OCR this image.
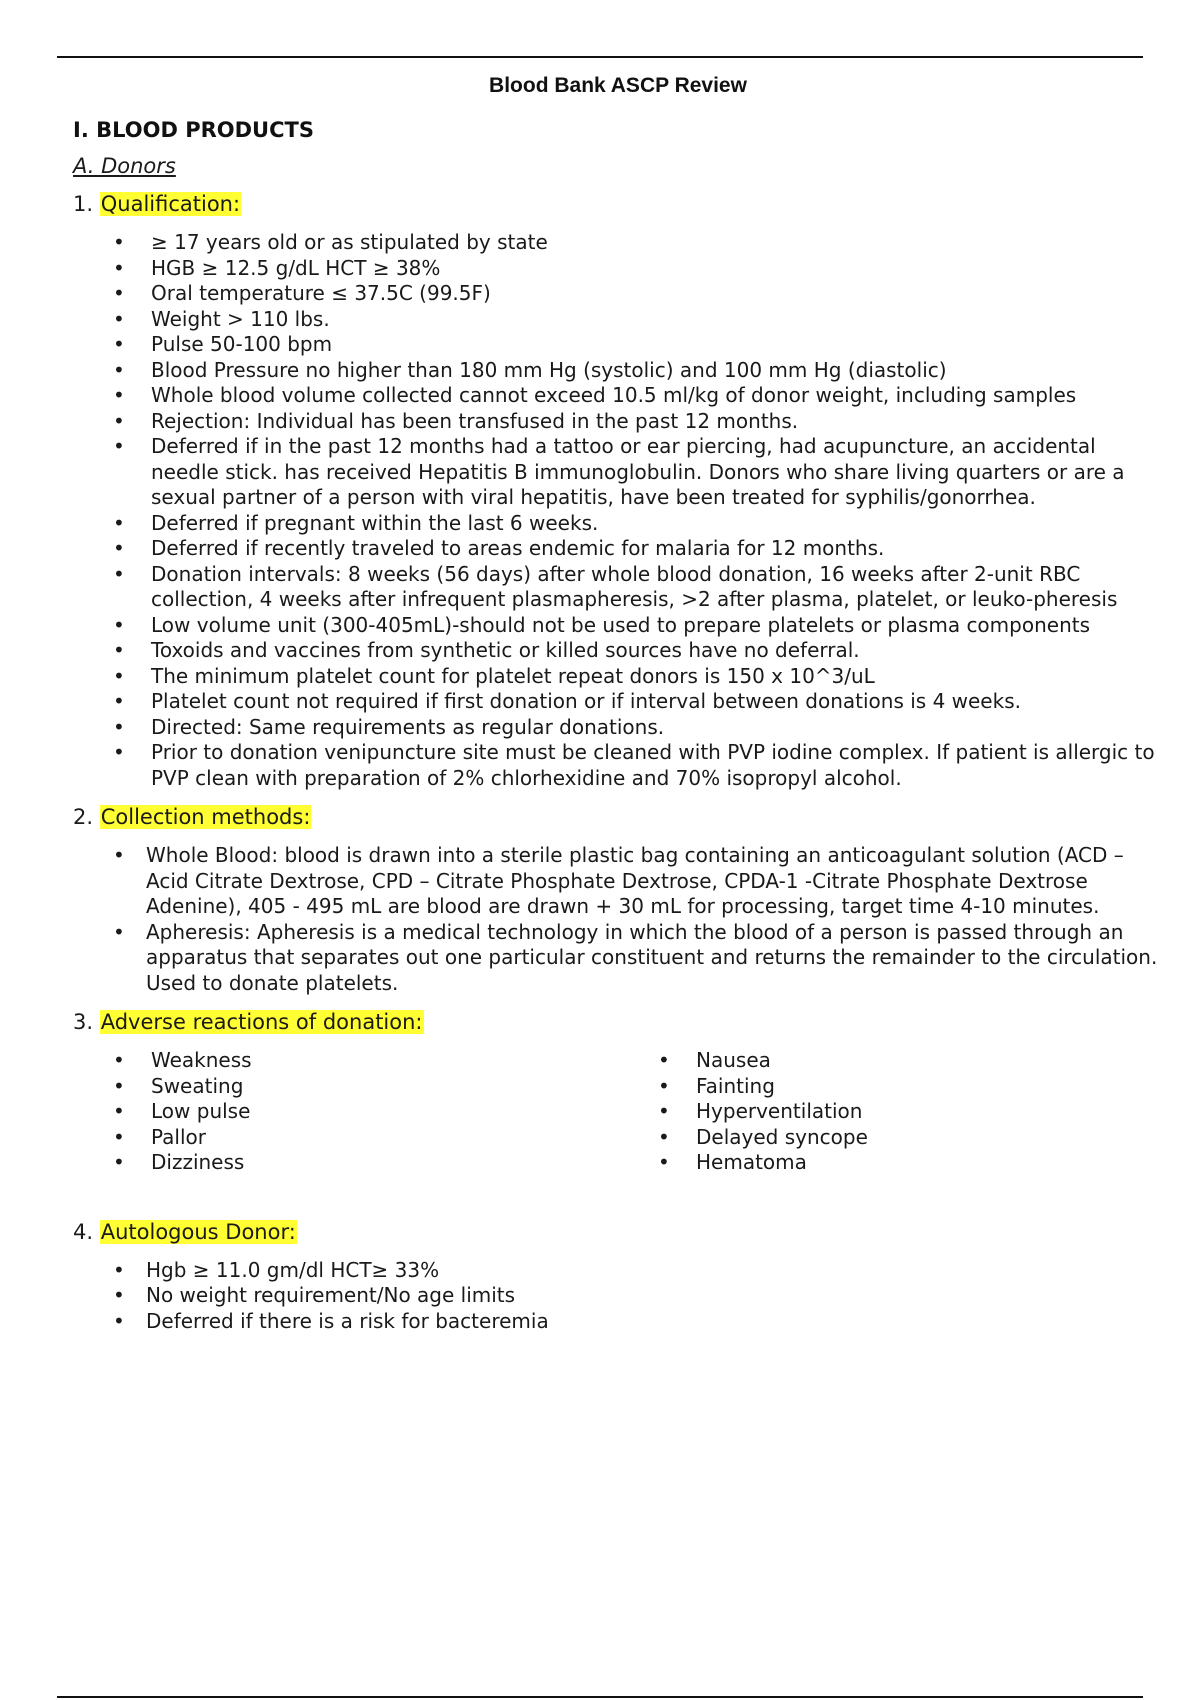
Blood Bank ASCP Review
I. BLOOD PRODUCTS
A. Donors
1. Qualification:
• ≥ 17 years old or as stipulated by state
• HGB ≥ 12.5 g/dL HCT ≥ 38%
• Oral temperature ≤ 37.5C (99.5F)
• Weight > 110 lbs.
• Pulse 50-100 bpm
• Blood Pressure no higher than 180 mm Hg (systolic) and 100 mm Hg (diastolic)
• Whole blood volume collected cannot exceed 10.5 ml/kg of donor weight, including samples
• Rejection: Individual has been transfused in the past 12 months.
• Deferred if in the past 12 months had a tattoo or ear piercing, had acupuncture, an accidental needle stick. has received Hepatitis B immunoglobulin. Donors who share living quarters or are a sexual partner of a person with viral hepatitis, have been treated for syphilis/gonorrhea.
• Deferred if pregnant within the last 6 weeks.
• Deferred if recently traveled to areas endemic for malaria for 12 months.
• Donation intervals: 8 weeks (56 days) after whole blood donation, 16 weeks after 2-unit RBC collection, 4 weeks after infrequent plasmapheresis, >2 after plasma, platelet, or leuko-pheresis
• Low volume unit (300-405mL)-should not be used to prepare platelets or plasma components
• Toxoids and vaccines from synthetic or killed sources have no deferral.
• The minimum platelet count for platelet repeat donors is 150 x 10^3/uL
• Platelet count not required if first donation or if interval between donations is 4 weeks.
• Directed: Same requirements as regular donations.
• Prior to donation venipuncture site must be cleaned with PVP iodine complex. If patient is allergic to PVP clean with preparation of 2% chlorhexidine and 70% isopropyl alcohol.
2. Collection methods:
• Whole Blood: blood is drawn into a sterile plastic bag containing an anticoagulant solution (ACD – Acid Citrate Dextrose, CPD – Citrate Phosphate Dextrose, CPDA-1 -Citrate Phosphate Dextrose Adenine), 405 - 495 mL are blood are drawn + 30 mL for processing, target time 4-10 minutes.
• Apheresis: Apheresis is a medical technology in which the blood of a person is passed through an apparatus that separates out one particular constituent and returns the remainder to the circulation. Used to donate platelets.
3. Adverse reactions of donation:
• Weakness
• Sweating
• Low pulse
• Pallor
• Dizziness
• Nausea
• Fainting
• Hyperventilation
• Delayed syncope
• Hematoma
4. Autologous Donor:
• Hgb ≥ 11.0 gm/dl HCT≥ 33%
• No weight requirement/No age limits
• Deferred if there is a risk for bacteremia
